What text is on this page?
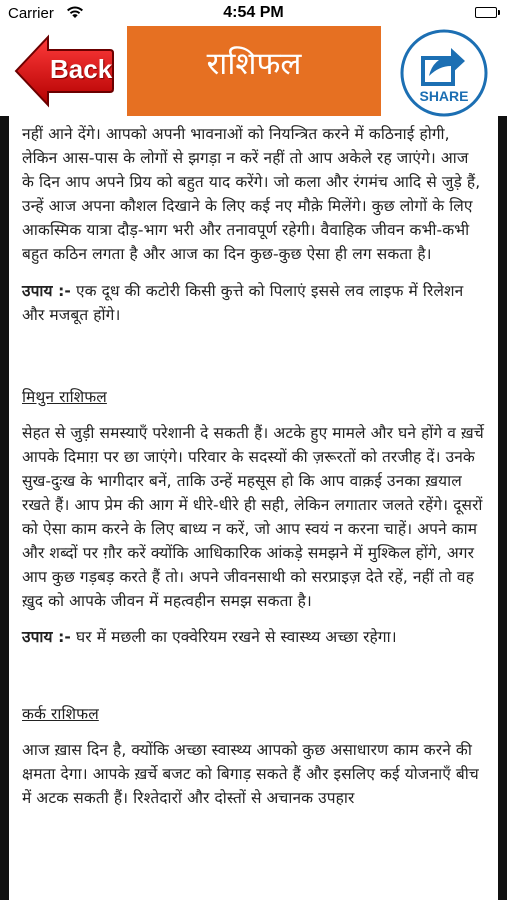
Carrier	4:54 PM
Back	राशिफल
SHARE

नहीं आने देंगे। आपको अपनी भावनाओं को नियन्त्रित करने में कठिनाई होगी, लेकिन आस-पास के लोगों से झगड़ा न करें नहीं तो आप अकेले रह जाएंगे। आज के दिन आप अपने प्रिय को बहुत याद करेंगे। जो कला और रंगमंच आदि से जुड़े हैं, उन्हें आज अपना कौशल दिखाने के लिए कई नए मौक़े मिलेंगे। कुछ लोगों के लिए आकस्मिक यात्रा दौड़-भाग भरी और तनावपूर्ण रहेगी। वैवाहिक जीवन कभी-कभी बहुत कठिन लगता है और आज का दिन कुछ-कुछ ऐसा ही लग सकता है।

उपाय :- एक दूध की कटोरी किसी कुत्ते को पिलाएं इससे लव लाइफ में रिलेशन और मजबूत होंगे।

मिथुन राशिफल

सेहत से जुड़ी समस्याएँ परेशानी दे सकती हैं। अटके हुए मामले और घने होंगे व ख़र्चे आपके दिमाग़ पर छा जाएंगे। परिवार के सदस्यों की ज़रूरतों को तरजीह दें। उनके सुख-दुःख के भागीदार बनें, ताकि उन्हें महसूस हो कि आप वाक़ई उनका ख़याल रखते हैं। आप प्रेम की आग में धीरे-धीरे ही सही, लेकिन लगातार जलते रहेंगे। दूसरों को ऐसा काम करने के लिए बाध्य न करें, जो आप स्वयं न करना चाहें। अपने काम और शब्दों पर ग़ौर करें क्योंकि आधिकारिक आंकड़े समझने में मुश्किल होंगे, अगर आप कुछ गड़बड़ करते हैं तो। अपने जीवनसाथी को सरप्राइज़ देते रहें, नहीं तो वह ख़ुद को आपके जीवन में महत्वहीन समझ सकता है।

उपाय :- घर में मछली का एक्वेरियम रखने से स्वास्थ्य अच्छा रहेगा।

कर्क राशिफल

आज ख़ास दिन है, क्योंकि अच्छा स्वास्थ्य आपको कुछ असाधारण काम करने की क्षमता देगा। आपके ख़र्चे बजट को बिगाड़ सकते हैं और इसलिए कई योजनाएँ बीच में अटक सकती हैं। रिश्तेदारों और दोस्तों से अचानक उपहार
